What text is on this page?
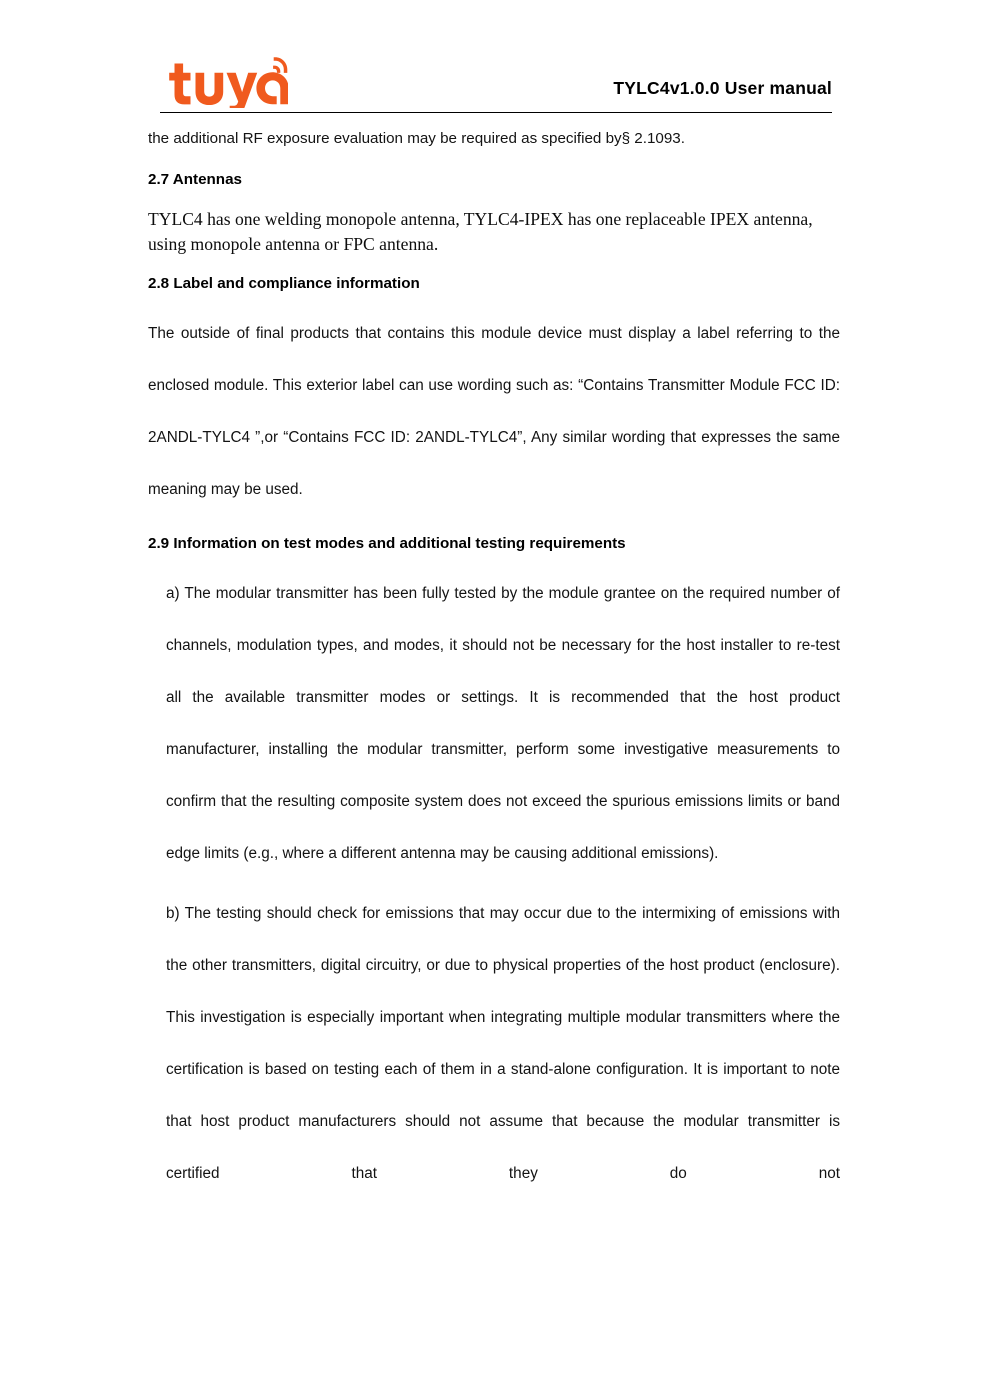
TYLC4v1.0.0 User manual

the additional RF exposure evaluation may be required as specified by§ 2.1093.

2.7 Antennas

TYLC4 has one welding monopole antenna, TYLC4-IPEX has one replaceable IPEX antenna, using monopole antenna or FPC antenna.

2.8 Label and compliance information

The outside of final products that contains this module device must display a label referring to the enclosed module. This exterior label can use wording such as: “Contains Transmitter Module FCC ID: 2ANDL-TYLC4 ”,or “Contains FCC ID: 2ANDL-TYLC4”, Any similar wording that expresses the same meaning may be used.

2.9 Information on test modes and additional testing requirements

a) The modular transmitter has been fully tested by the module grantee on the required number of channels, modulation types, and modes, it should not be necessary for the host installer to re-test all the available transmitter modes or settings. It is recommended that the host product manufacturer, installing the modular transmitter, perform some investigative measurements to confirm that the resulting composite system does not exceed the spurious emissions limits or band edge limits (e.g., where a different antenna may be causing additional emissions).

b) The testing should check for emissions that may occur due to the intermixing of emissions with the other transmitters, digital circuitry, or due to physical properties of the host product (enclosure). This investigation is especially important when integrating multiple modular transmitters where the certification is based on testing each of them in a stand-alone configuration. It is important to note that host product manufacturers should not assume that because the modular transmitter is certified that they do not
